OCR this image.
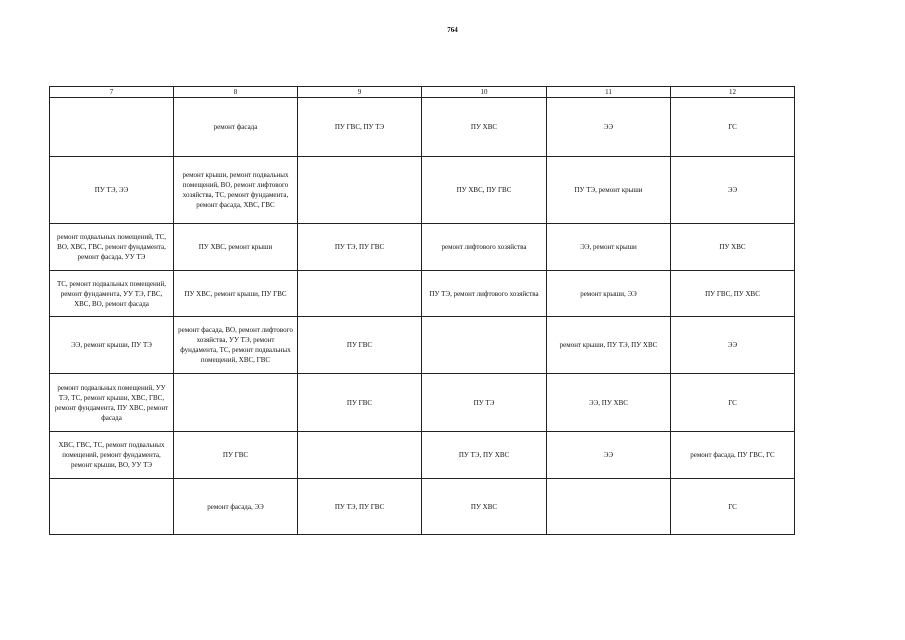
764
7	8	9	10	11	12
	ремонт фасада	ПУ ГВС, ПУ ТЭ	ПУ ХВС	ЭЭ	ГС
ПУ ТЭ, ЭЭ	ремонт крыши, ремонт подвальных помещений, ВО, ремонт лифтового хозяйства, ТС, ремонт фундамента, ремонт фасада, ХВС, ГВС		ПУ ХВС, ПУ ГВС	ПУ ТЭ, ремонт крыши	ЭЭ
ремонт подвальных помещений, ТС, ВО, ХВС, ГВС, ремонт фундамента, ремонт фасада, УУ ТЭ	ПУ ХВС, ремонт крыши	ПУ ТЭ, ПУ ГВС	ремонт лифтового хозяйства	ЭЭ, ремонт крыши	ПУ ХВС
ТС, ремонт подвальных помещений, ремонт фундамента, УУ ТЭ, ГВС, ХВС, ВО, ремонт фасада	ПУ ХВС, ремонт крыши, ПУ ГВС		ПУ ТЭ, ремонт лифтового хозяйства	ремонт крыши, ЭЭ	ПУ ГВС, ПУ ХВС
ЭЭ, ремонт крыши, ПУ ТЭ	ремонт фасада, ВО, ремонт лифтового хозяйства, УУ ТЭ, ремонт фундамента, ТС, ремонт подвальных помещений, ХВС, ГВС	ПУ ГВС		ремонт крыши, ПУ ТЭ, ПУ ХВС	ЭЭ
ремонт подвальных помещений, УУ ТЭ, ТС, ремонт крыши, ХВС, ГВС, ремонт фундамента, ПУ ХВС, ремонт фасада		ПУ ГВС	ПУ ТЭ	ЭЭ, ПУ ХВС	ГС
ХВС, ГВС, ТС, ремонт подвальных помещений, ремонт фундамента, ремонт крыши, ВО, УУ ТЭ	ПУ ГВС		ПУ ТЭ, ПУ ХВС	ЭЭ	ремонт фасада, ПУ ГВС, ГС
	ремонт фасада, ЭЭ	ПУ ТЭ, ПУ ГВС	ПУ ХВС		ГС
